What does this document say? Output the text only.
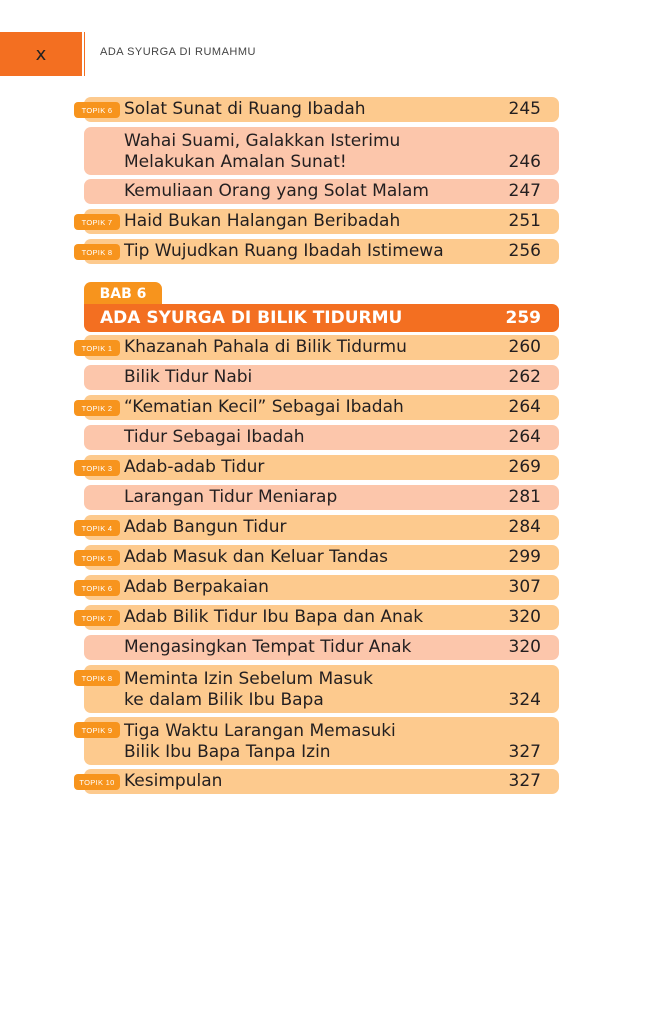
x	ADA SYURGA DI RUMAHMU
BAB 6
ADA SYURGA DI BILIK TIDURMU	259
Solat Sunat di Ruang Ibadah	245
TOPIK 6
Wahai Suami, Galakkan Isterimu
Melakukan Amalan Sunat!	246
Kemuliaan Orang yang Solat Malam	247
Haid Bukan Halangan Beribadah	251
TOPIK 7
Tip Wujudkan Ruang Ibadah Istimewa	256
TOPIK 8
Khazanah Pahala di Bilik Tidurmu	260
TOPIK 1
Bilik Tidur Nabi	262
“Kematian Kecil” Sebagai Ibadah	264
TOPIK 2
Tidur Sebagai Ibadah	264
Adab-adab Tidur	269
TOPIK 3
Larangan Tidur Meniarap	281
Adab Bangun Tidur	284
TOPIK 4
Adab Masuk dan Keluar Tandas	299
TOPIK 5
Adab Berpakaian	307
TOPIK 6
Adab Bilik Tidur Ibu Bapa dan Anak	320
TOPIK 7
Mengasingkan Tempat Tidur Anak	320
Meminta Izin Sebelum Masuk
ke dalam Bilik Ibu Bapa	324
TOPIK 8
Tiga Waktu Larangan Memasuki
Bilik Ibu Bapa Tanpa Izin	327
TOPIK 9
Kesimpulan	327
TOPIK 10
